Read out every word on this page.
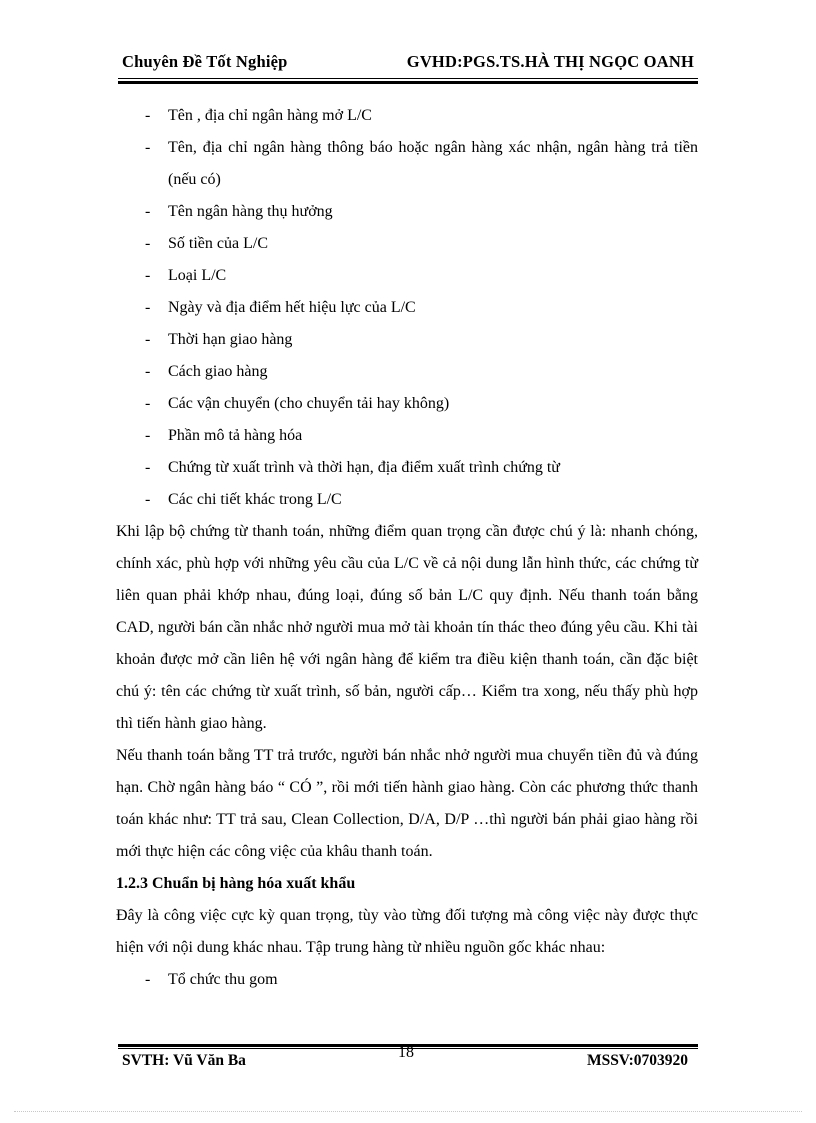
Chuyên Đề Tốt Nghiệp	GVHD:PGS.TS.HÀ THỊ NGỌC OANH
- Tên , địa chỉ ngân hàng mở L/C
- Tên, địa chỉ ngân hàng thông báo hoặc ngân hàng xác nhận, ngân hàng trả tiền (nếu có)
- Tên ngân hàng thụ hưởng
- Số tiền của L/C
- Loại L/C
- Ngày và địa điểm hết hiệu lực của L/C
- Thời hạn giao hàng
- Cách giao hàng
- Các vận chuyển (cho chuyển tải hay không)
- Phần mô tả hàng hóa
- Chứng từ xuất trình và thời hạn, địa điểm xuất trình chứng từ
- Các chi tiết khác trong L/C

Khi lập bộ chứng từ thanh toán, những điểm quan trọng cần được chú ý là: nhanh chóng, chính xác, phù hợp với những yêu cầu của L/C về cả nội dung lẫn hình thức, các chứng từ liên quan phải khớp nhau, đúng loại, đúng số bản L/C quy định. Nếu thanh toán bằng CAD, người bán cần nhắc nhở người mua mở tài khoản tín thác theo đúng yêu cầu. Khi tài khoản được mở cần liên hệ với ngân hàng để kiểm tra điều kiện thanh toán, cần đặc biệt chú ý: tên các chứng từ xuất trình, số bản, người cấp… Kiểm tra xong, nếu thấy phù hợp thì tiến hành giao hàng.

Nếu thanh toán bằng TT trả trước, người bán nhắc nhở người mua chuyển tiền đủ và đúng hạn. Chờ ngân hàng báo “ CÓ ”, rồi mới tiến hành giao hàng. Còn các phương thức thanh toán khác như: TT trả sau, Clean Collection, D/A, D/P …thì người bán phải giao hàng rồi mới thực hiện các công việc của khâu thanh toán.

1.2.3 Chuẩn bị hàng hóa xuất khẩu

Đây là công việc cực kỳ quan trọng, tùy vào từng đối tượng mà công việc này được thực hiện với nội dung khác nhau. Tập trung hàng từ nhiều nguồn gốc khác nhau:

- Tổ chức thu gom
SVTH: Vũ Văn Ba	18	MSSV:0703920
